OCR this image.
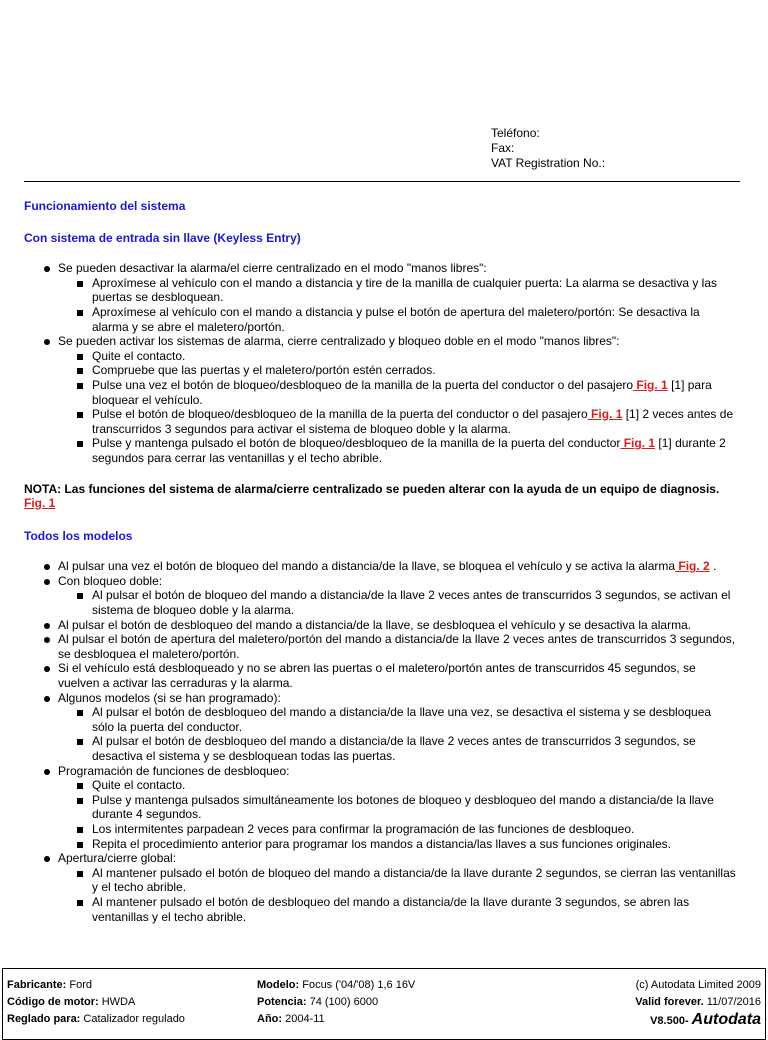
Teléfono:
Fax:
VAT Registration No.:
Funcionamiento del sistema
Con sistema de entrada sin llave (Keyless Entry)
Se pueden desactivar la alarma/el cierre centralizado en el modo "manos libres":
Aproxímese al vehículo con el mando a distancia y tire de la manilla de cualquier puerta: La alarma se desactiva y las puertas se desbloquean.
Aproxímese al vehículo con el mando a distancia y pulse el botón de apertura del maletero/portón: Se desactiva la alarma y se abre el maletero/portón.
Se pueden activar los sistemas de alarma, cierre centralizado y bloqueo doble en el modo "manos libres":
Quite el contacto.
Compruebe que las puertas y el maletero/portón estén cerrados.
Pulse una vez el botón de bloqueo/desbloqueo de la manilla de la puerta del conductor o del pasajero Fig. 1 [1] para bloquear el vehículo.
Pulse el botón de bloqueo/desbloqueo de la manilla de la puerta del conductor o del pasajero Fig. 1 [1] 2 veces antes de transcurridos 3 segundos para activar el sistema de bloqueo doble y la alarma.
Pulse y mantenga pulsado el botón de bloqueo/desbloqueo de la manilla de la puerta del conductor Fig. 1 [1] durante 2 segundos para cerrar las ventanillas y el techo abrible.
NOTA: Las funciones del sistema de alarma/cierre centralizado se pueden alterar con la ayuda de un equipo de diagnosis.
Fig. 1
Todos los modelos
Al pulsar una vez el botón de bloqueo del mando a distancia/de la llave, se bloquea el vehículo y se activa la alarma Fig. 2 .
Con bloqueo doble:
Al pulsar el botón de bloqueo del mando a distancia/de la llave 2 veces antes de transcurridos 3 segundos, se activan el sistema de bloqueo doble y la alarma.
Al pulsar el botón de desbloqueo del mando a distancia/de la llave, se desbloquea el vehículo y se desactiva la alarma.
Al pulsar el botón de apertura del maletero/portón del mando a distancia/de la llave 2 veces antes de transcurridos 3 segundos, se desbloquea el maletero/portón.
Si el vehículo está desbloqueado y no se abren las puertas o el maletero/portón antes de transcurridos 45 segundos, se vuelven a activar las cerraduras y la alarma.
Algunos modelos (si se han programado):
Al pulsar el botón de desbloqueo del mando a distancia/de la llave una vez, se desactiva el sistema y se desbloquea sólo la puerta del conductor.
Al pulsar el botón de desbloqueo del mando a distancia/de la llave 2 veces antes de transcurridos 3 segundos, se desactiva el sistema y se desbloquean todas las puertas.
Programación de funciones de desbloqueo:
Quite el contacto.
Pulse y mantenga pulsados simultáneamente los botones de bloqueo y desbloqueo del mando a distancia/de la llave durante 4 segundos.
Los intermitentes parpadean 2 veces para confirmar la programación de las funciones de desbloqueo.
Repita el procedimiento anterior para programar los mandos a distancia/las llaves a sus funciones originales.
Apertura/cierre global:
Al mantener pulsado el botón de bloqueo del mando a distancia/de la llave durante 2 segundos, se cierran las ventanillas y el techo abrible.
Al mantener pulsado el botón de desbloqueo del mando a distancia/de la llave durante 3 segundos, se abren las ventanillas y el techo abrible.
Fabricante: Ford	Modelo: Focus ('04/'08) 1,6 16V	(c) Autodata Limited 2009
Código de motor: HWDA	Potencia: 74 (100) 6000	Valid forever. 11/07/2016
Reglado para: Catalizador regulado	Año: 2004-11	V8.500- Autodata
